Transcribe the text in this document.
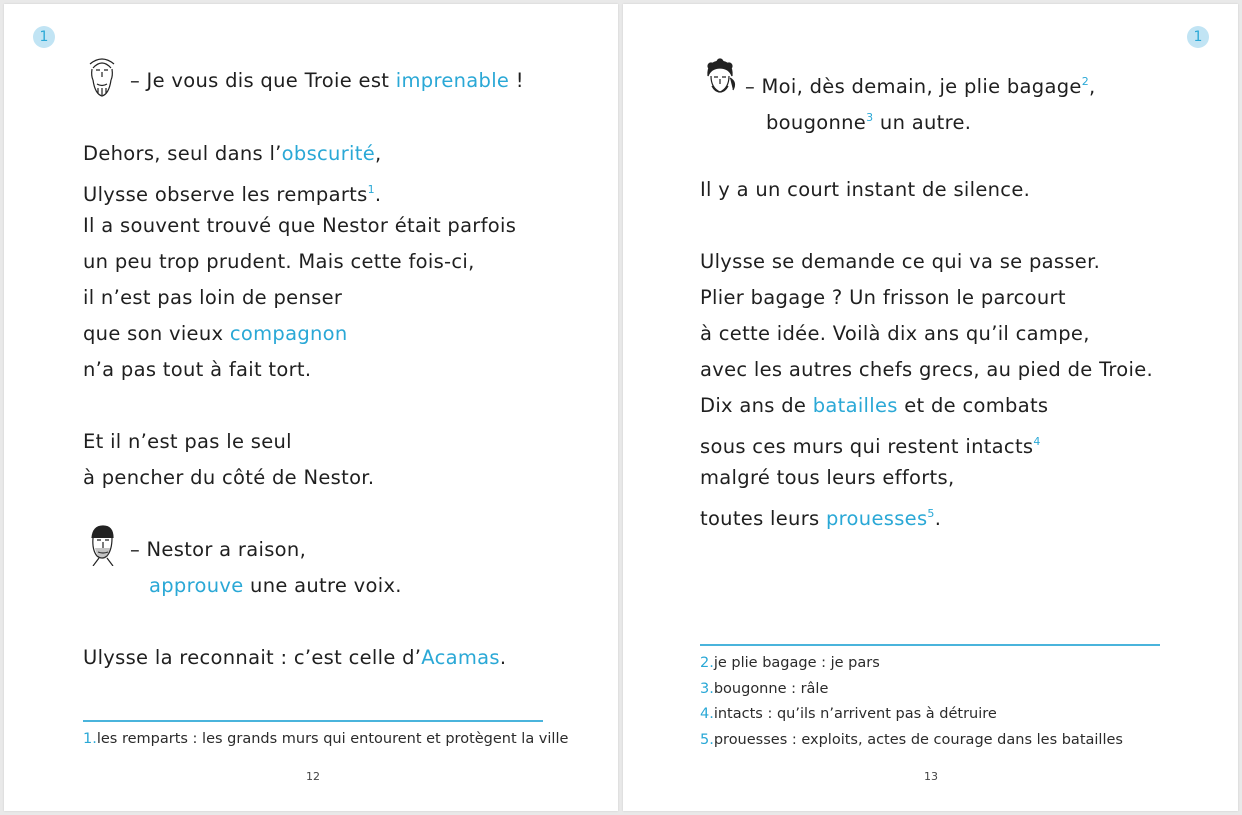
1
– Je vous dis que Troie est imprenable !
Dehors, seul dans l’obscurité,
Ulysse observe les remparts$^1$.
Il a souvent trouvé que Nestor était parfois
un peu trop prudent. Mais cette fois-ci,
il n’est pas loin de penser
que son vieux compagnon
n’a pas tout à fait tort.
Et il n’est pas le seul
à pencher du côté de Nestor.
– Nestor a raison,
approuve une autre voix.
Ulysse la reconnait : c’est celle d’Acamas.
1.les remparts : les grands murs qui entourent et protègent la ville
12
1
– Moi, dès demain, je plie bagage$^2$,
bougonne$^3$ un autre.
Il y a un court instant de silence.
Ulysse se demande ce qui va se passer.
Plier bagage ? Un frisson le parcourt
à cette idée. Voilà dix ans qu’il campe,
avec les autres chefs grecs, au pied de Troie.
Dix ans de batailles et de combats
sous ces murs qui restent intacts$^4$
malgré tous leurs efforts,
toutes leurs prouesses$^5$.
2.je plie bagage : je pars
3.bougonne : râle
4.intacts : qu’ils n’arrivent pas à détruire
5.prouesses : exploits, actes de courage dans les batailles
13
